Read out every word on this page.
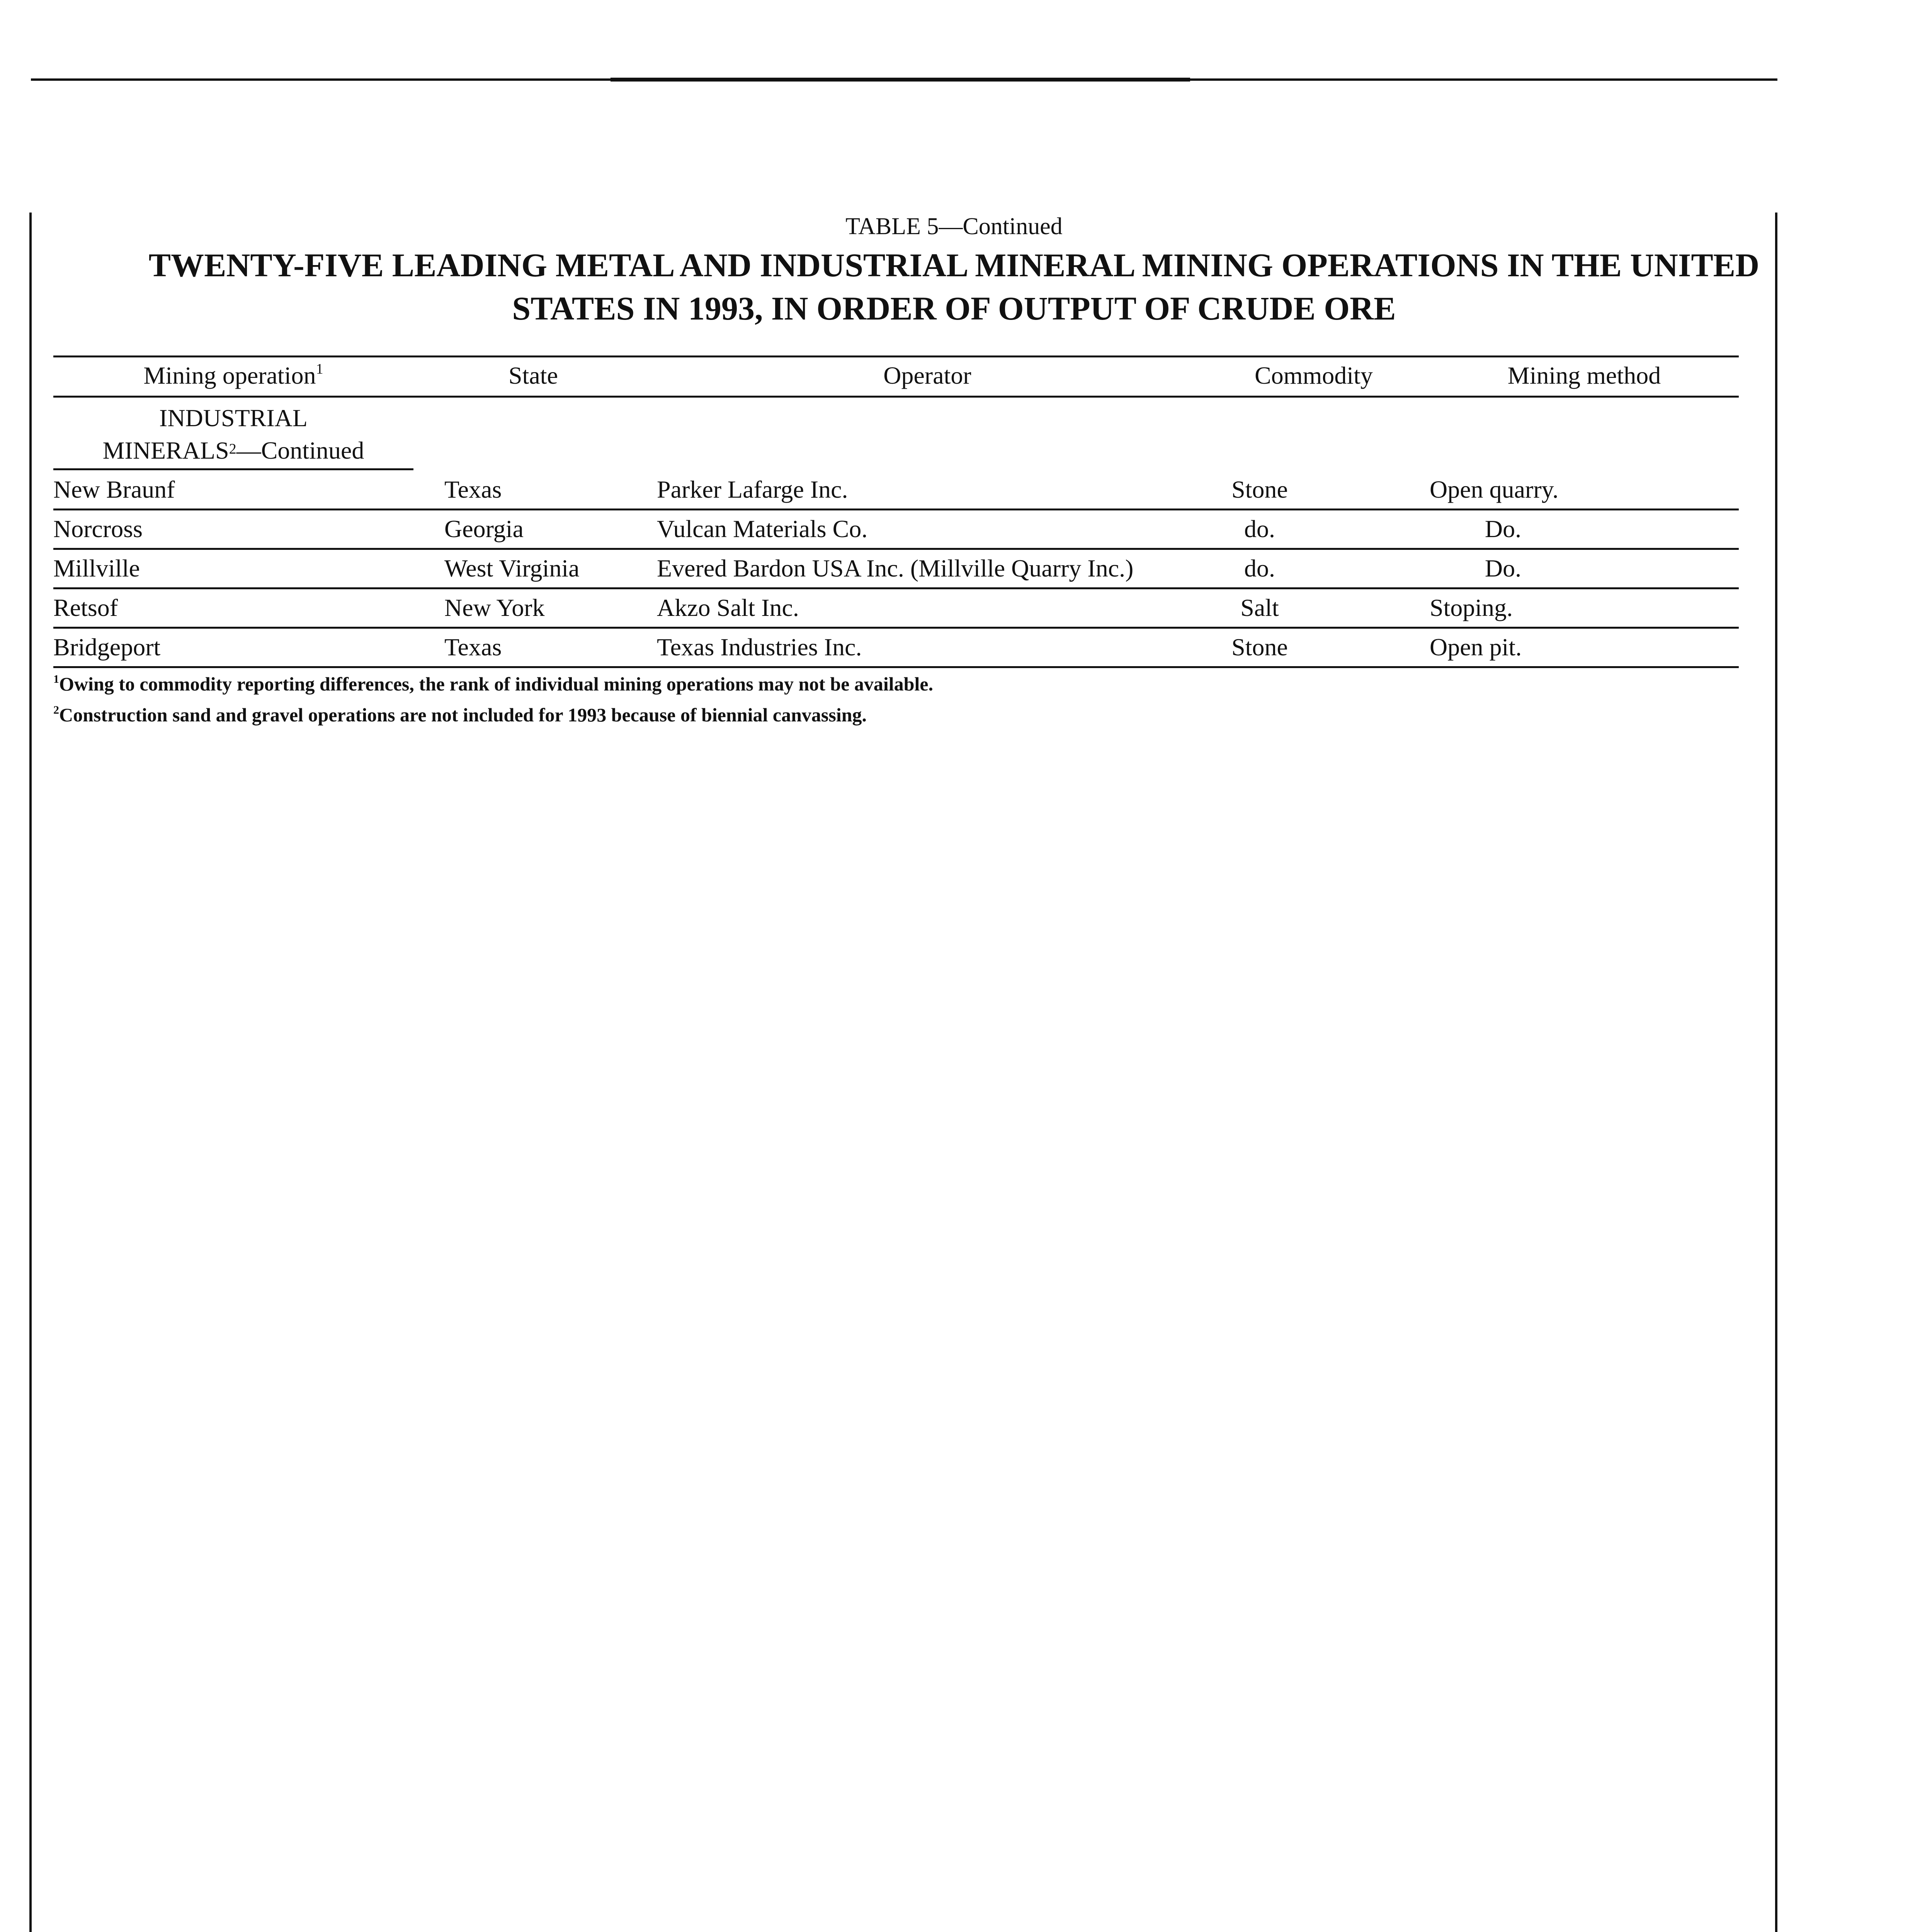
TABLE 5—Continued
TWENTY-FIVE LEADING METAL AND INDUSTRIAL MINERAL MINING OPERATIONS IN THE UNITED
STATES IN 1993, IN ORDER OF OUTPUT OF CRUDE ORE
Mining operation$^1$	State	Operator	Commodity	Mining method
INDUSTRIAL
MINERALS$^2$—Continued
New Braunf	Texas	Parker Lafarge Inc.	Stone	Open quarry.
Norcross	Georgia	Vulcan Materials Co.	do.	Do.
Millville	West Virginia	Evered Bardon USA Inc. (Millville Quarry Inc.)	do.	Do.
Retsof	New York	Akzo Salt Inc.	Salt	Stoping.
Bridgeport	Texas	Texas Industries Inc.	Stone	Open pit.
$^1$Owing to commodity reporting differences, the rank of individual mining operations may not be available.
$^2$Construction sand and gravel operations are not included for 1993 because of biennial canvassing.
